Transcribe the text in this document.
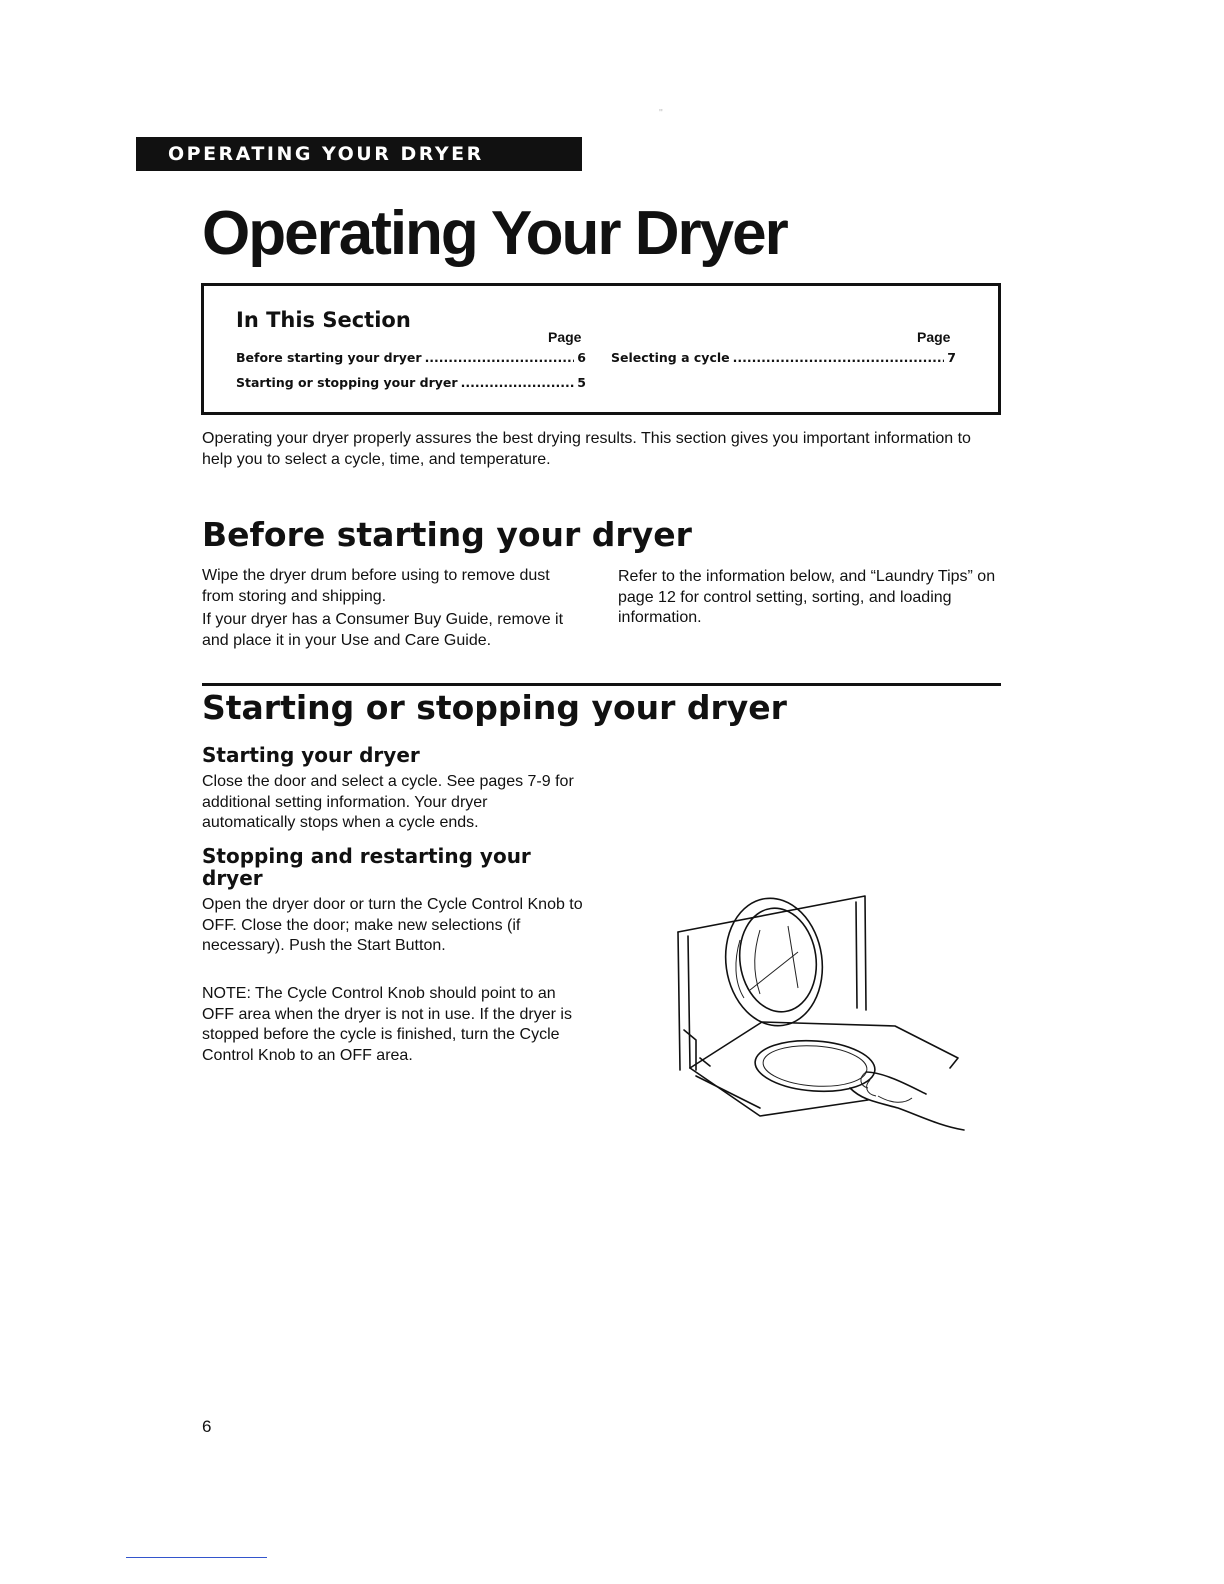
''
OPERATING YOUR DRYER
Operating Your Dryer
In This Section
Page	Page
Before starting your dryer .....	6
Starting or stopping your dryer .....	5
Selecting a cycle .....	7

Operating your dryer properly assures the best drying results. This section gives you important information to help you to select a cycle, time, and temperature.

Before starting your dryer

Wipe the dryer drum before using to remove dust from storing and shipping.

If your dryer has a Consumer Buy Guide, remove it and place it in your Use and Care Guide.

Refer to the information below, and “Laundry Tips” on page 12 for control setting, sorting, and loading information.

Starting or stopping your dryer
Starting your dryer

Close the door and select a cycle. See pages 7-9 for additional setting information. Your dryer automatically stops when a cycle ends.

Stopping and restarting your dryer

Open the dryer door or turn the Cycle Control Knob to OFF. Close the door; make new selections (if necessary). Push the Start Button.

NOTE: The Cycle Control Knob should point to an OFF area when the dryer is not in use. If the dryer is stopped before the cycle is finished, turn the Cycle Control Knob to an OFF area.

6
